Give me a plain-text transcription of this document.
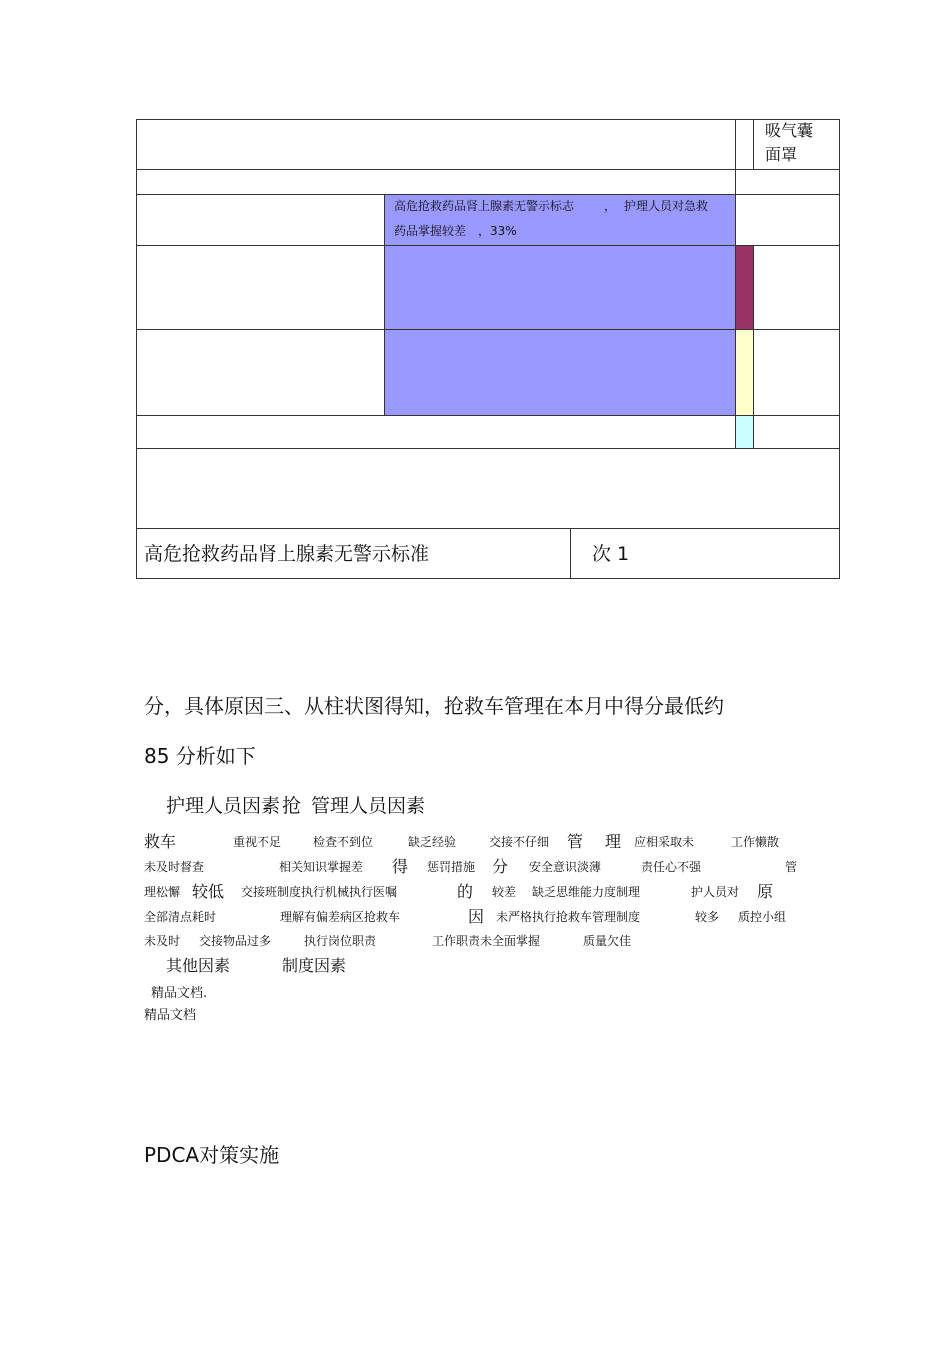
吸气囊
面罩
高危抢救药品肾上腺素无警示标志 ， 护理人员对急救
药品掌握较差 ，33%
高危抢救药品肾上腺素无警示标准	次 1
分，具体原因三、从柱状图得知，抢救车管理在本月中得分最低约
85 分析如下
护理人员因素 抢 管理人员因素
救车	重视不足	检查不到位	缺乏经验	交接不仔细 管 理 应相采取未	工作懒散
未及时督查	相关知识掌握差 得 惩罚措施 分 安全意识淡薄	责任心不强	管
理松懈 较低 交接班制度执行机械执行医嘱	的 较差 缺乏思维能力度制理	护人员对 原
全部清点耗时	理解有偏差病区抢救车	因 未严格执行抢救车管理制度	较多 质控小组
未及时 交接物品过多	执行岗位职责	工作职责未全面掌握	质量欠佳
其他因素	制度因素
精品文档.
精品文档
PDCA对策实施
